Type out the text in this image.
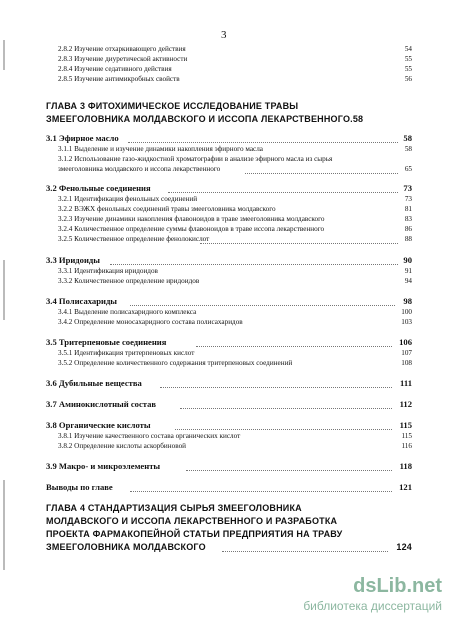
3
2.8.2 Изучение отхаркивающего действия	54
2.8.3 Изучение диуретической активности	55
2.8.4 Изучение седативного действия	55
2.8.5 Изучение антимикробных свойств	56
ГЛАВА 3 ФИТОХИМИЧЕСКОЕ ИССЛЕДОВАНИЕ ТРАВЫ
ЗМЕЕГОЛОВНИКА МОЛДАВСКОГО И ИССОПА ЛЕКАРСТВЕННОГО.58
3.1 Эфирное масло	58
3.1.1 Выделение и изучение динамики накопления эфирного масла	58
3.1.2 Использование газо-жидкостной хроматографии в анализе эфирного масла из сырья
змееголовника молдавского и иссопа лекарственного	65
3.2 Фенольные соединения	73
3.2.1 Идентификация фенольных соединений	73
3.2.2 ВЭЖХ фенольных соединений травы змееголовника молдавского	81
3.2.3 Изучение динамики накопления флавоноидов в траве змееголовника молдавского	83
3.2.4 Количественное определение суммы флавоноидов в траве иссопа лекарственного	86
3.2.5 Количественное определение фенолокислот	88
3.3 Иридоиды	90
3.3.1 Идентификация иридоидов	91
3.3.2 Количественное определение иридоидов	94
3.4 Полисахариды	98
3.4.1 Выделение полисахаридного комплекса	100
3.4.2 Определение моносахаридного состава полисахаридов	103
3.5 Тритерпеновые соединения	106
3.5.1 Идентификация тритерпеновых кислот	107
3.5.2 Определение количественного содержания тритерпеновых соединений	108
3.6 Дубильные вещества	111
3.7 Аминокислотный состав	112
3.8 Органические кислоты	115
3.8.1 Изучение качественного состава органических кислот	115
3.8.2 Определение кислоты аскорбиновой	116
3.9 Макро- и микроэлементы	118
Выводы по главе	121
ГЛАВА 4 СТАНДАРТИЗАЦИЯ СЫРЬЯ ЗМЕЕГОЛОВНИКА
МОЛДАВСКОГО И ИССОПА ЛЕКАРСТВЕННОГО И РАЗРАБОТКА
ПРОЕКТА ФАРМАКОПЕЙНОЙ СТАТЬИ ПРЕДПРИЯТИЯ НА ТРАВУ
ЗМЕЕГОЛОВНИКА МОЛДАВСКОГО	124
dsLib.net
библиотека диссертаций
